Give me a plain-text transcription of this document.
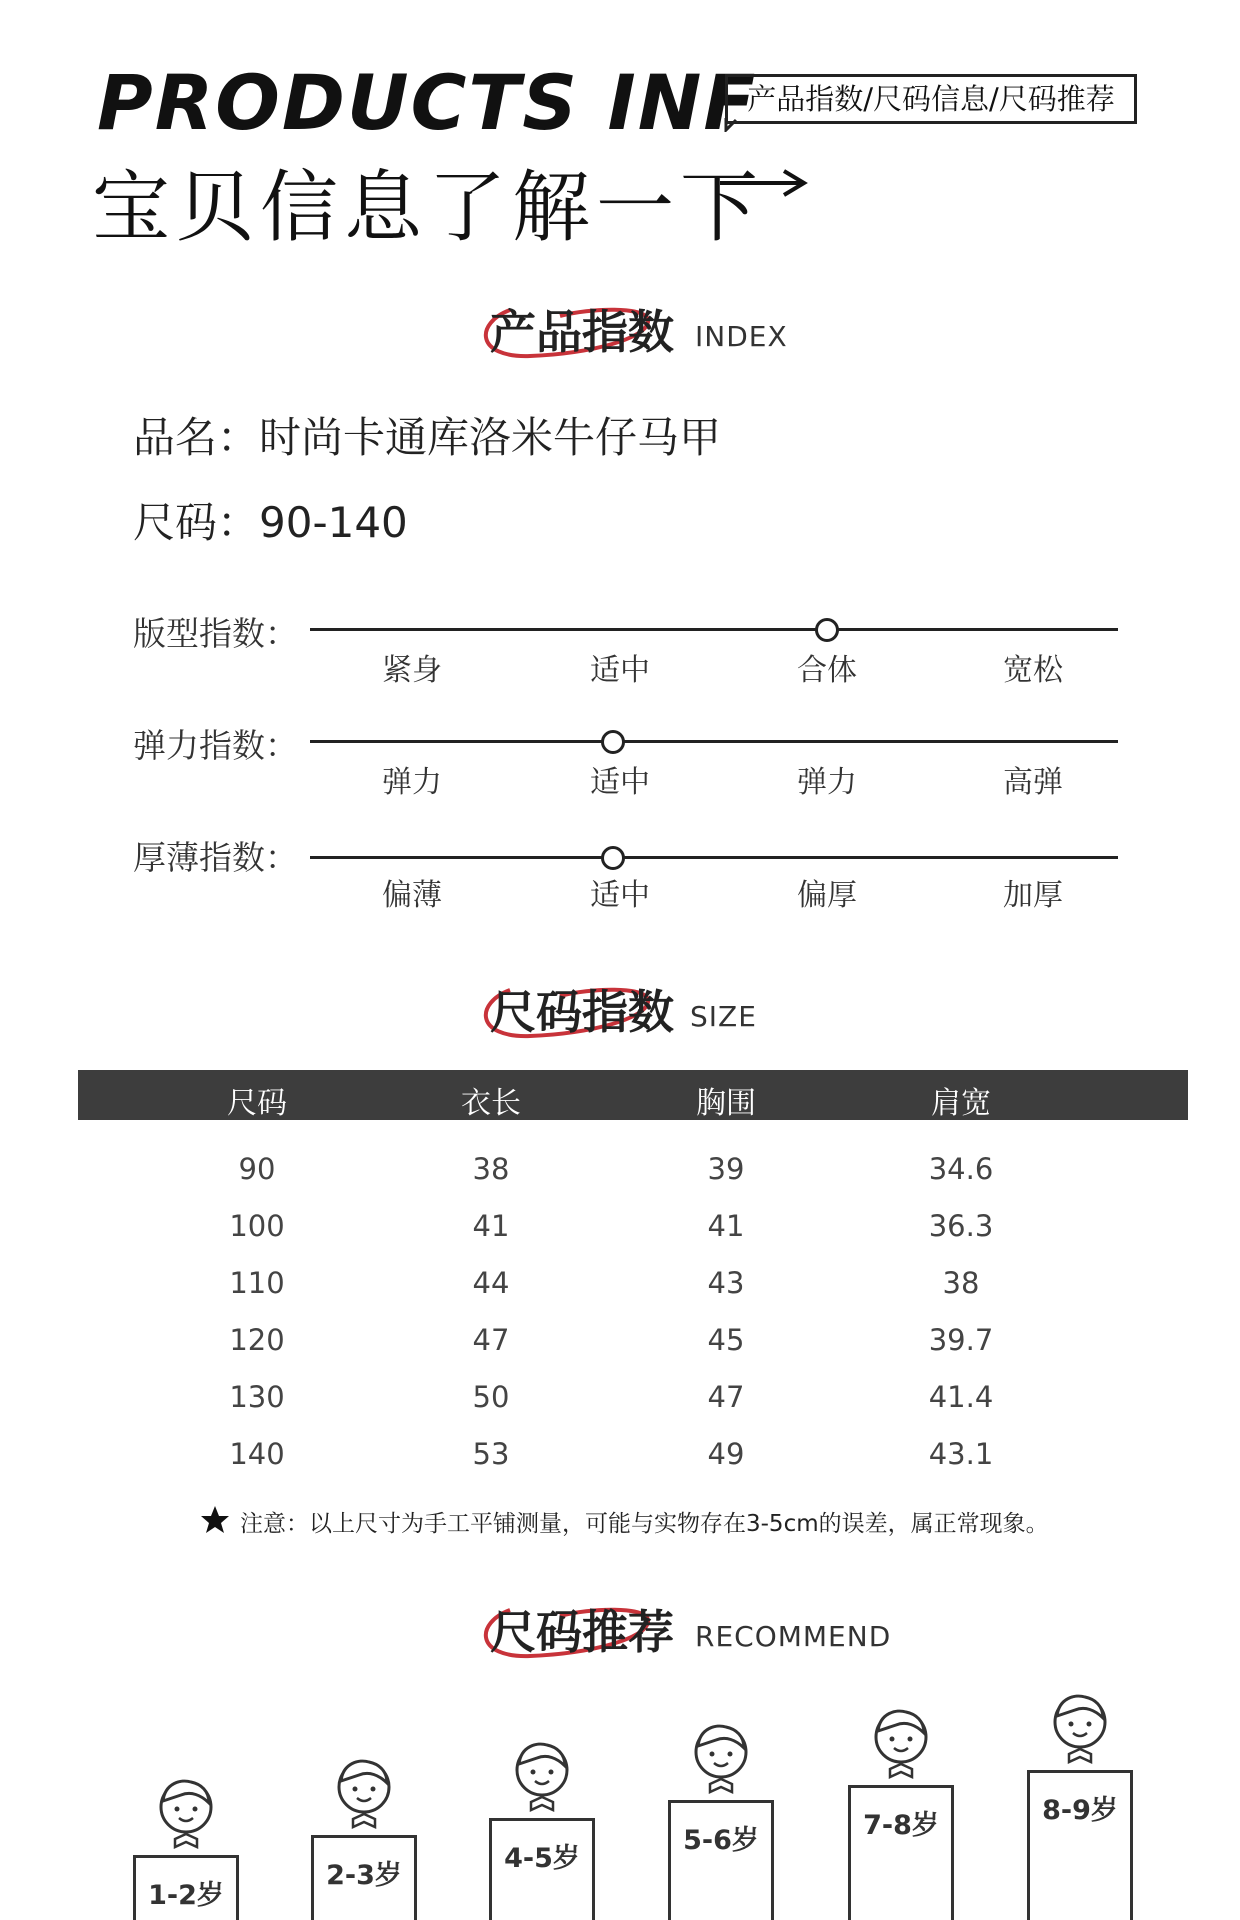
PRODUCTS INF
宝贝信息了解一下
产品指数/尺码信息/尺码推荐
产品指数 INDEX
品名：时尚卡通库洛米牛仔马甲
尺码：90-140
版型指数：
紧身	适中	合体	宽松
弹力指数：
弹力	适中	弹力	高弹
厚薄指数：
偏薄	适中	偏厚	加厚
尺码指数 SIZE
尺码	衣长	胸围	肩宽
90	38	39	34.6
100	41	41	36.3
110	44	43	38
120	47	45	39.7
130	50	47	41.4
140	53	49	43.1
注意：以上尺寸为手工平铺测量，可能与实物存在3-5cm的误差，属正常现象。
尺码推荐 RECOMMEND
1-2岁
2-3岁
4-5岁
5-6岁	7-8岁	8-9岁
